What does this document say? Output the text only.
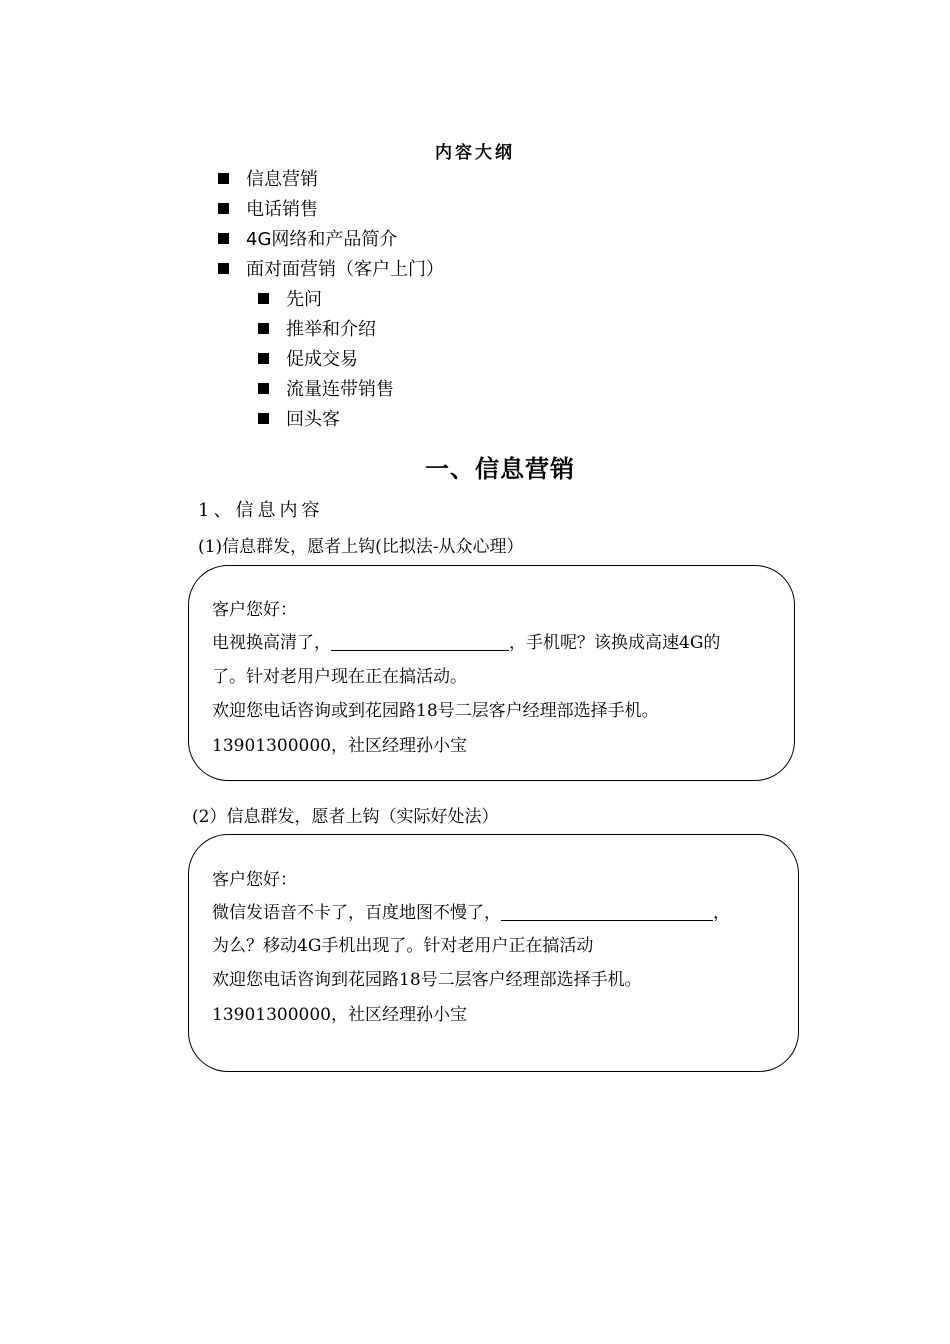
内容大纲
信息营销
电话销售
4G网络和产品简介
面对面营销（客户上门）
先问
推举和介绍
促成交易
流量连带销售
回头客
一、信息营销
1、信息内容
(1)信息群发，愿者上钩(比拟法-从众心理）
客户您好：
电视换高清了，	，手机呢？该换成高速4G的
了。针对老用户现在正在搞活动。
欢迎您电话咨询或到花园路18号二层客户经理部选择手机。
13901300000，社区经理孙小宝
(2）信息群发，愿者上钩（实际好处法）
客户您好：
微信发语音不卡了，百度地图不慢了，	，
为么？移动4G手机出现了。针对老用户正在搞活动
欢迎您电话咨询到花园路18号二层客户经理部选择手机。
13901300000，社区经理孙小宝
